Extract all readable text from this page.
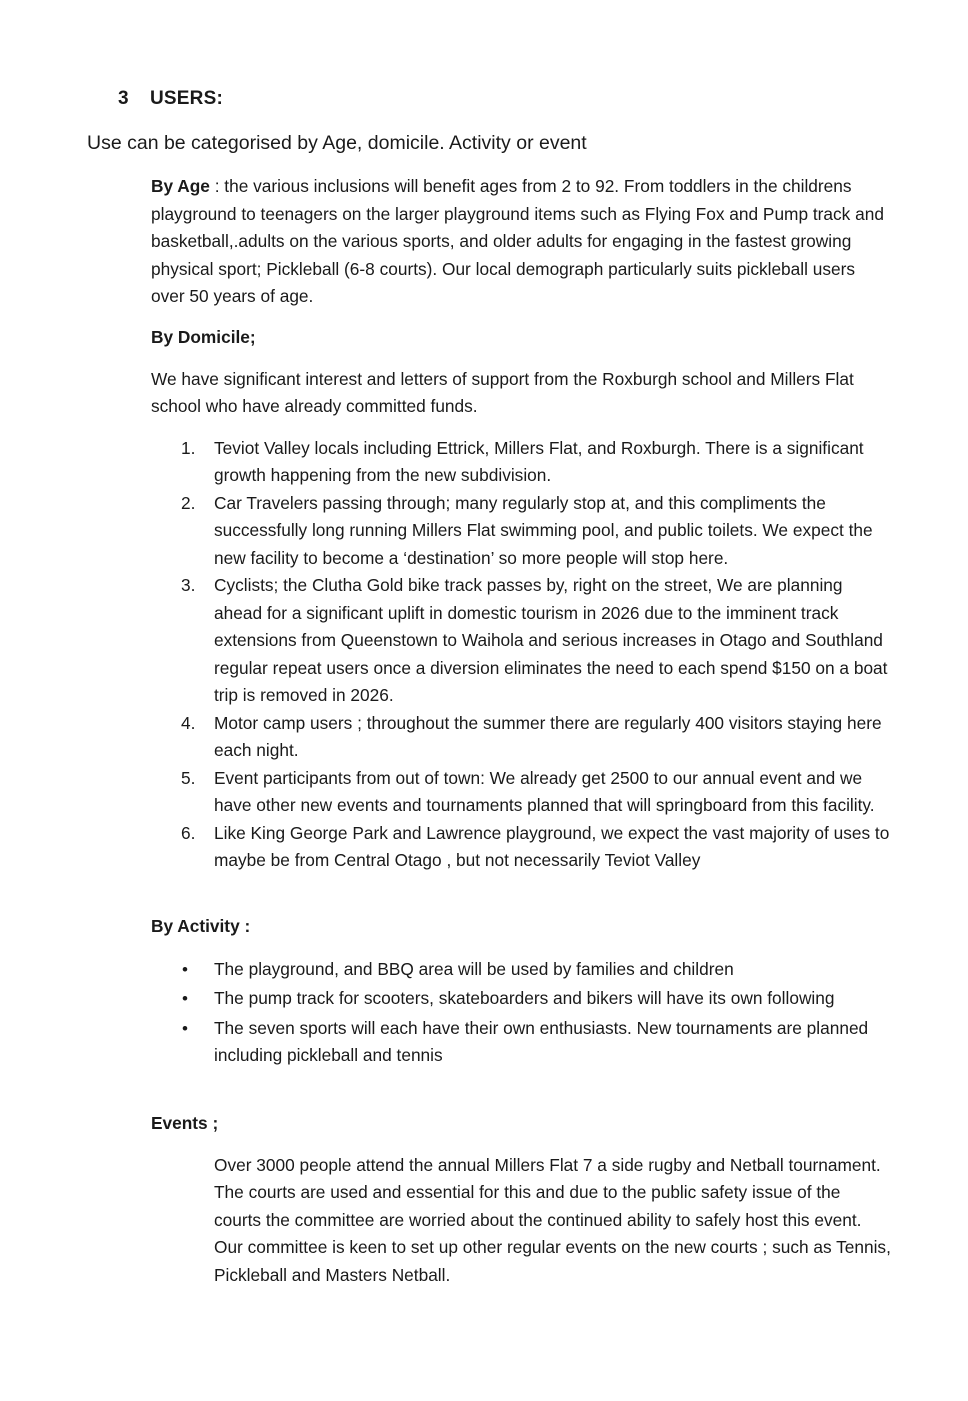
3 USERS:
Use can be categorised by Age, domicile. Activity or event

By Age : the various inclusions will benefit ages from 2 to 92. From toddlers in the childrens playground to teenagers on the larger playground items such as Flying Fox and Pump track and basketball,.adults on the various sports, and older adults for engaging in the fastest growing physical sport; Pickleball (6-8 courts). Our local demograph particularly suits pickleball users over 50 years of age.

By Domicile;

We have significant interest and letters of support from the Roxburgh school and Millers Flat school who have already committed funds.

1. Teviot Valley locals including Ettrick, Millers Flat, and Roxburgh. There is a significant growth happening from the new subdivision.
2. Car Travelers passing through; many regularly stop at, and this compliments the successfully long running Millers Flat swimming pool, and public toilets. We expect the new facility to become a ‘destination’ so more people will stop here.
3. Cyclists; the Clutha Gold bike track passes by, right on the street, We are planning ahead for a significant uplift in domestic tourism in 2026 due to the imminent track extensions from Queenstown to Waihola and serious increases in Otago and Southland regular repeat users once a diversion eliminates the need to each spend $150 on a boat trip is removed in 2026.
4. Motor camp users ; throughout the summer there are regularly 400 visitors staying here each night.
5. Event participants from out of town: We already get 2500 to our annual event and we have other new events and tournaments planned that will springboard from this facility.
6. Like King George Park and Lawrence playground, we expect the vast majority of uses to maybe be from Central Otago , but not necessarily Teviot Valley

By Activity :

• The playground, and BBQ area will be used by families and children
• The pump track for scooters, skateboarders and bikers will have its own following
• The seven sports will each have their own enthusiasts. New tournaments are planned including pickleball and tennis

Events ;

Over 3000 people attend the annual Millers Flat 7 a side rugby and Netball tournament. The courts are used and essential for this and due to the public safety issue of the courts the committee are worried about the continued ability to safely host this event. Our committee is keen to set up other regular events on the new courts ; such as Tennis, Pickleball and Masters Netball.
